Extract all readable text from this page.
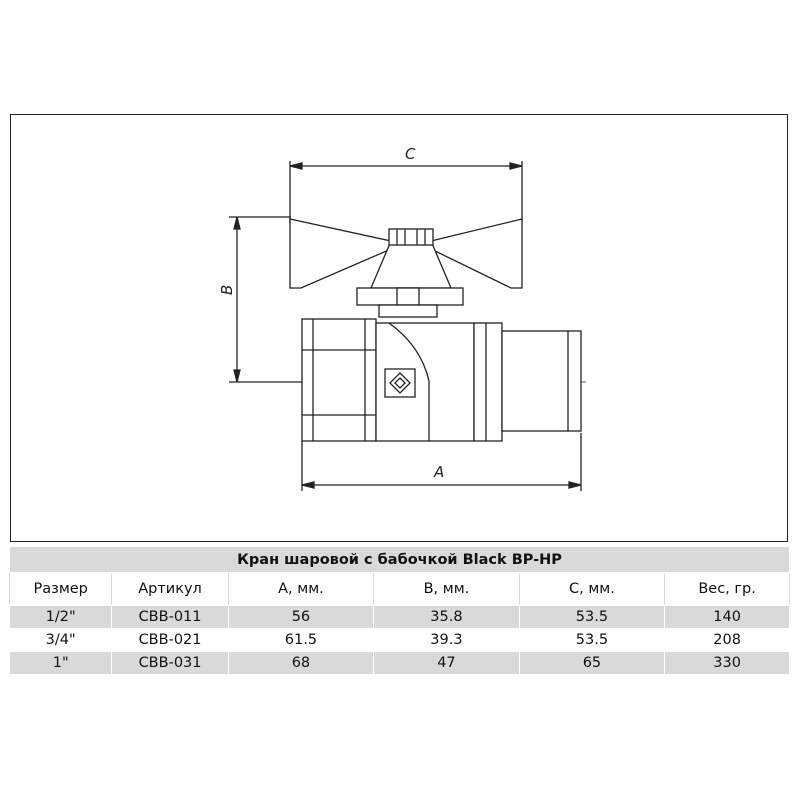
C
B
A
Кран шаровой с бабочкой Black BP-HP					
Размер	Артикул	А, мм.	В, мм.	С, мм.	Вес, гр.
1/2"	CBB-011	56	35.8	53.5	140
3/4"	CBB-021	61.5	39.3	53.5	208
1"	CBB-031	68	47	65	330
